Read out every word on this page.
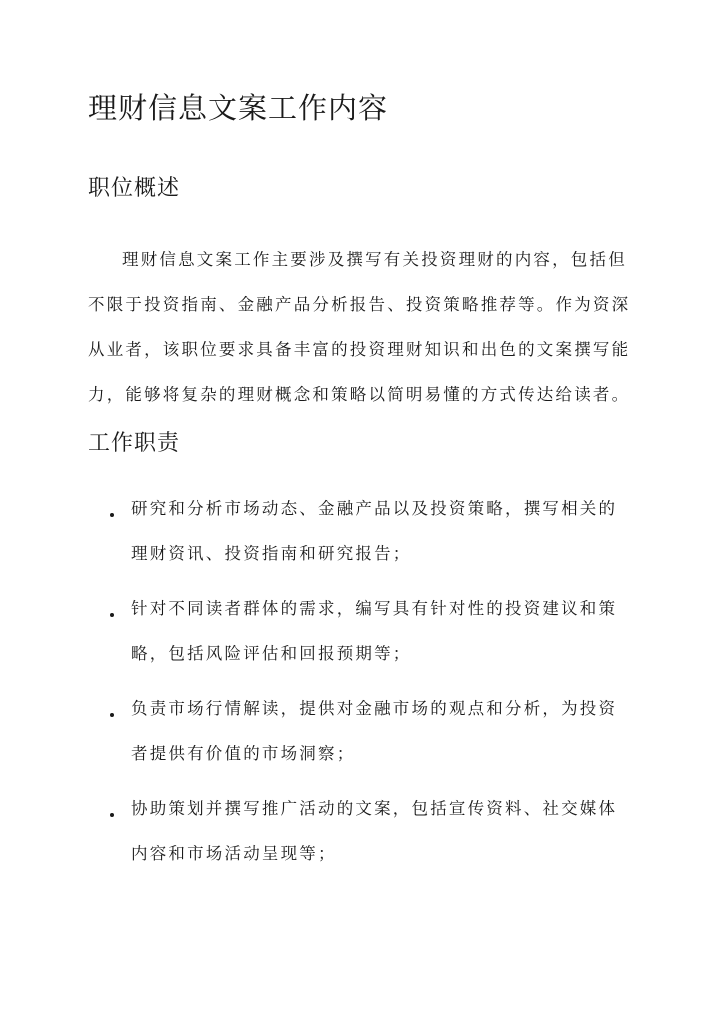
理财信息文案工作内容
职位概述

理财信息文案工作主要涉及撰写有关投资理财的内容，包括但
不限于投资指南、金融产品分析报告、投资策略推荐等。作为资深
从业者，该职位要求具备丰富的投资理财知识和出色的文案撰写能
力，能够将复杂的理财概念和策略以简明易懂的方式传达给读者。

工作职责
研究和分析市场动态、金融产品以及投资策略，撰写相关的
理财资讯、投资指南和研究报告；
针对不同读者群体的需求，编写具有针对性的投资建议和策
略，包括风险评估和回报预期等；
负责市场行情解读，提供对金融市场的观点和分析，为投资
者提供有价值的市场洞察；
协助策划并撰写推广活动的文案，包括宣传资料、社交媒体
内容和市场活动呈现等；
